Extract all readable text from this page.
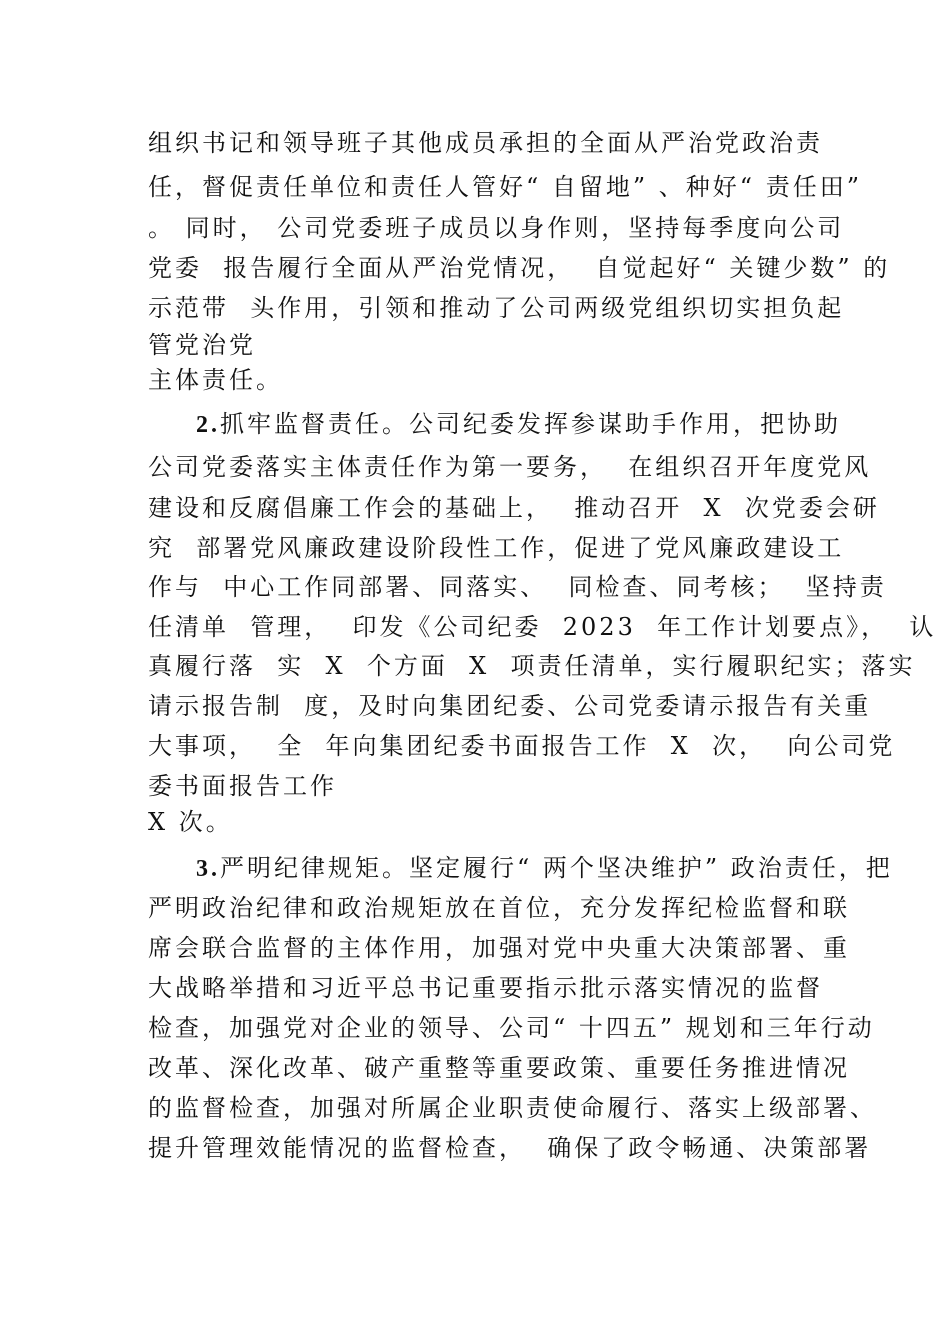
组织书记和领导班子其他成员承担的全面从严治党政治责
任，督促责任单位和责任人管好“ 自留地” 、种好“ 责任田”
。 同时， 公司党委班子成员以身作则，坚持每季度向公司
党委  报告履行全面从严治党情况，  自觉起好“ 关键少数” 的
示范带  头作用，引领和推动了公司两级党组织切实担负起
管党治党
主体责任。
2.抓牢监督责任。公司纪委发挥参谋助手作用，把协助
公司党委落实主体责任作为第一要务，  在组织召开年度党风
建设和反腐倡廉工作会的基础上，  推动召开  X  次党委会研
究  部署党风廉政建设阶段性工作，促进了党风廉政建设工
作与  中心工作同部署、同落实、  同检查、同考核；  坚持责
任清单  管理，  印发《公司纪委  2023  年工作计划要点》，  认
真履行落  实  X  个方面  X  项责任清单，实行履职纪实；落实
请示报告制  度，及时向集团纪委、公司党委请示报告有关重
大事项，  全  年向集团纪委书面报告工作  X  次，  向公司党
委书面报告工作
X 次。
3.严明纪律规矩。坚定履行“ 两个坚决维护” 政治责任，把
严明政治纪律和政治规矩放在首位，充分发挥纪检监督和联
席会联合监督的主体作用，加强对党中央重大决策部署、重
大战略举措和习近平总书记重要指示批示落实情况的监督
检查，加强党对企业的领导、公司“ 十四五” 规划和三年行动
改革、深化改革、破产重整等重要政策、重要任务推进情况
的监督检查，加强对所属企业职责使命履行、落实上级部署、
提升管理效能情况的监督检查，  确保了政令畅通、决策部署
